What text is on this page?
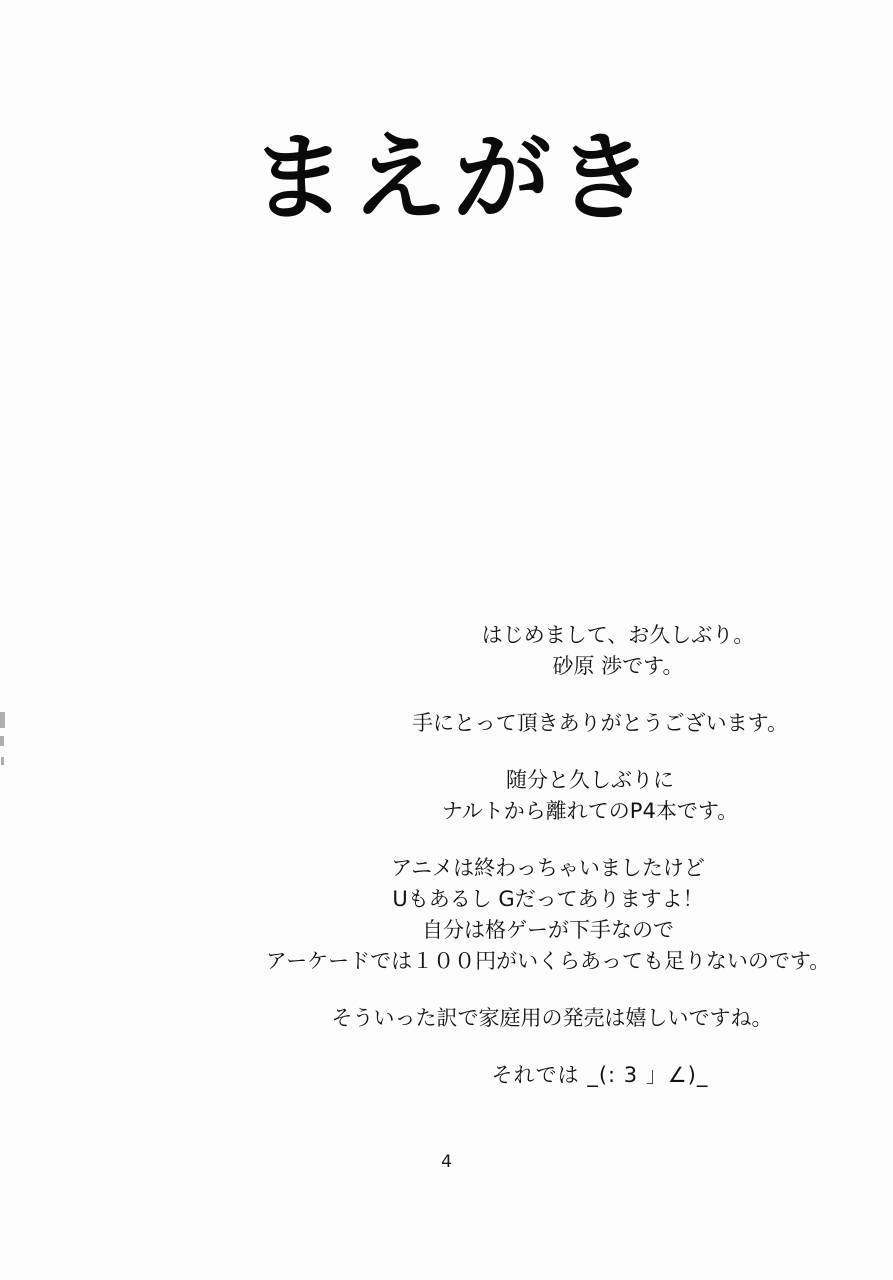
まえがき

はじめまして、お久しぶり。
砂原 渉です。

手にとって頂きありがとうございます。

随分と久しぶりに
ナルトから離れてのP4本です。

アニメは終わっちゃいましたけど
Uもあるし Gだってありますよ！
自分は格ゲーが下手なので
アーケードでは１００円がいくらあっても足りないのです。

そういった訳で家庭用の発売は嬉しいですね。

それでは _(: 3 」∠)_

4
